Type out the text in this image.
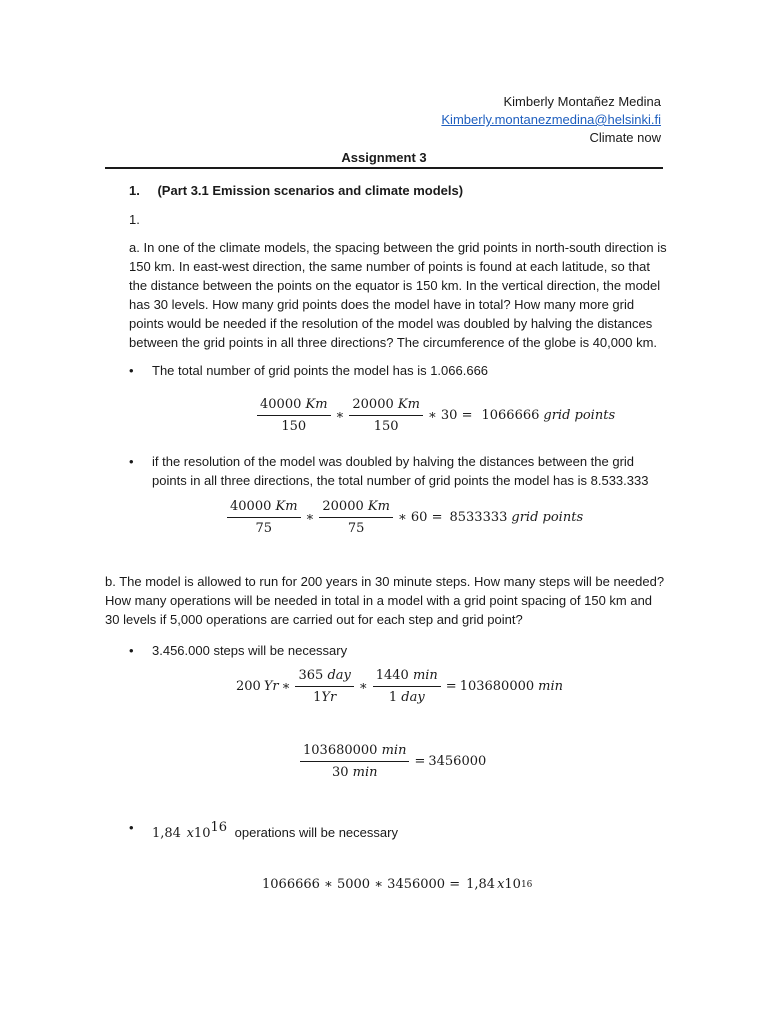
Kimberly Montañez Medina
Kimberly.montanezmedina@helsinki.fi
Climate now
Assignment 3
1. (Part 3.1 Emission scenarios and climate models)
1.
a. In one of the climate models, the spacing between the grid points in north-south direction is 150 km. In east-west direction, the same number of points is found at each latitude, so that the distance between the points on the equator is 150 km. In the vertical direction, the model has 30 levels. How many grid points does the model have in total? How many more grid points would be needed if the resolution of the model was doubled by halving the distances between the grid points in all three directions? The circumference of the globe is 40,000 km.
• The total number of grid points the model has is 1.066.666
$\frac{40000 Km}{150}$ ∗ $\frac{20000 Km}{150}$ ∗ 30 = 1066666 grid points
• if the resolution of the model was doubled by halving the distances between the grid points in all three directions, the total number of grid points the model has is 8.533.333
$\frac{40000 Km}{75}$ ∗ $\frac{20000 Km}{75}$ ∗ 60 = 8533333 grid points
b. The model is allowed to run for 200 years in 30 minute steps. How many steps will be needed? How many operations will be needed in total in a model with a grid point spacing of 150 km and 30 levels if 5,000 operations are carried out for each step and grid point?
• 3.456.000 steps will be necessary
200 Yr ∗ $\frac{\text{365 day}}{1Yr}$ ∗ $\frac{1440 \min}{\text{1 day}} = 103680000$ min
$\frac{103680000 \min}{30 \min} = 3456000$
• 1,84 $x10^{16}$ operations will be necessary
1066666 ∗ 5000 ∗ 3456000 = 1,84 x 10 16
